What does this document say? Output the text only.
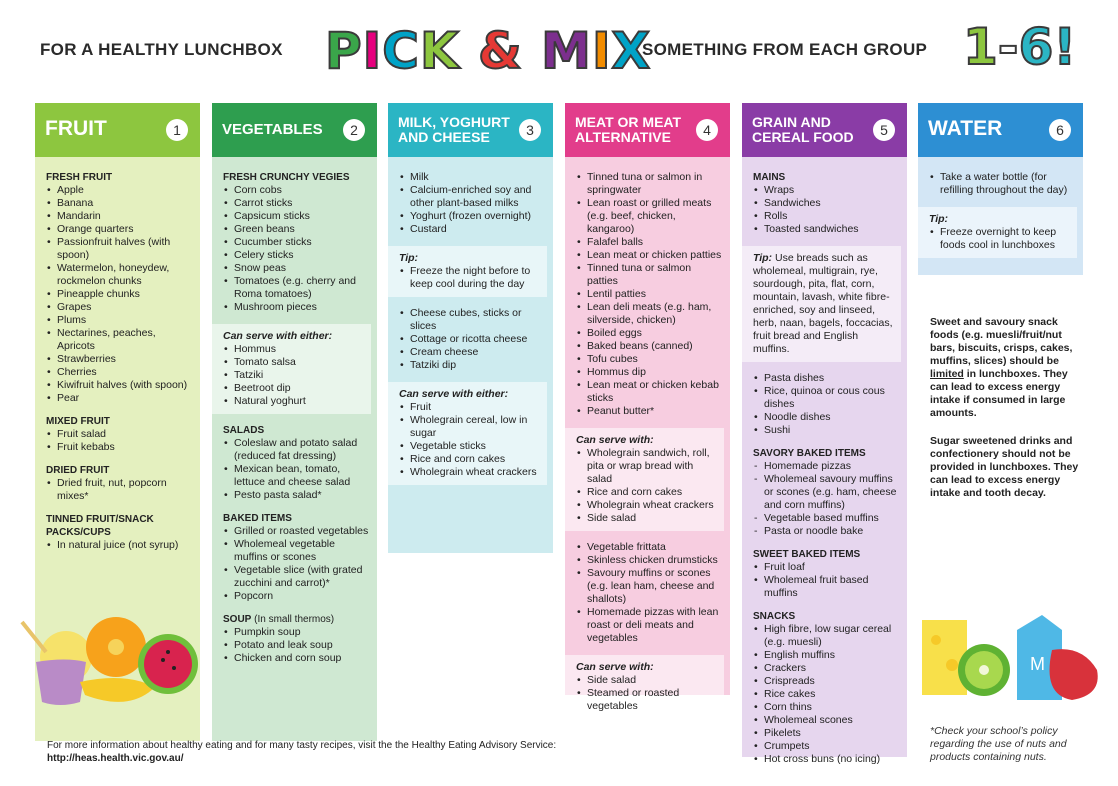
FOR A HEALTHY LUNCHBOX PICK & MIX
SOMETHING FROM EACH GROUP 1-6!
FRUIT	1
FRESH FRUIT
• Apple
• Banana
• Mandarin
• Orange quarters
• Passionfruit halves (with spoon)
• Watermelon, honeydew, rockmelon chunks
• Pineapple chunks
• Grapes
• Plums
• Nectarines, peaches, Apricots
• Strawberries
• Cherries
• Kiwifruit halves (with spoon)
• Pear
MIXED FRUIT
• Fruit salad
• Fruit kebabs
DRIED FRUIT
• Dried fruit, nut, popcorn mixes*
TINNED FRUIT/SNACK PACKS/CUPS
• In natural juice (not syrup)
VEGETABLES	2
FRESH CRUNCHY VEGIES
• Corn cobs
• Carrot sticks
• Capsicum sticks
• Green beans
• Cucumber sticks
• Celery sticks
• Snow peas
• Tomatoes (e.g. cherry and Roma tomatoes)
• Mushroom pieces
Can serve with either:
• Hommus
• Tomato salsa
• Tatziki
• Beetroot dip
• Natural yoghurt
SALADS
• Coleslaw and potato salad (reduced fat dressing)
• Mexican bean, tomato, lettuce and cheese salad
• Pesto pasta salad*
BAKED ITEMS
• Grilled or roasted vegetables
• Wholemeal vegetable muffins or scones
• Vegetable slice (with grated zucchini and carrot)*
• Popcorn
SOUP (In small thermos)
• Pumpkin soup
• Potato and leak soup
• Chicken and corn soup
MILK, YOGHURT
AND CHEESE	3
• Milk
• Calcium-enriched soy and other plant-based milks
• Yoghurt (frozen overnight)
• Custard
Tip:
• Freeze the night before to keep cool during the day
• Cheese cubes, sticks or slices
• Cottage or ricotta cheese
• Cream cheese
• Tatziki dip
Can serve with either:
• Fruit
• Wholegrain cereal, low in sugar
• Vegetable sticks
• Rice and corn cakes
• Wholegrain wheat crackers
MEAT OR MEAT
ALTERNATIVE	4
• Tinned tuna or salmon in springwater
• Lean roast or grilled meats (e.g. beef, chicken, kangaroo)
• Falafel balls
• Lean meat or chicken patties
• Tinned tuna or salmon patties
• Lentil patties
• Lean deli meats (e.g. ham, silverside, chicken)
• Boiled eggs
• Baked beans (canned)
• Tofu cubes
• Hommus dip
• Lean meat or chicken kebab sticks
• Peanut butter*
Can serve with:
• Wholegrain sandwich, roll, pita or wrap bread with salad
• Rice and corn cakes
• Wholegrain wheat crackers
• Side salad
• Vegetable frittata
• Skinless chicken drumsticks
• Savoury muffins or scones (e.g. lean ham, cheese and shallots)
• Homemade pizzas with lean roast or deli meats and vegetables
Can serve with:
• Side salad
• Steamed or roasted vegetables
GRAIN AND
CEREAL FOOD	5
MAINS
• Wraps
• Sandwiches
• Rolls
• Toasted sandwiches
Tip: Use breads such as wholemeal, multigrain, rye, sourdough, pita, flat, corn, mountain, lavash, white fibre-enriched, soy and linseed, herb, naan, bagels, foccacias, fruit bread and English muffins.
• Pasta dishes
• Rice, quinoa or cous cous dishes
• Noodle dishes
• Sushi
SAVORY BAKED ITEMS
- Homemade pizzas
- Wholemeal savoury muffins or scones (e.g. ham, cheese and corn muffins)
- Vegetable based muffins
- Pasta or noodle bake
SWEET BAKED ITEMS
• Fruit loaf
• Wholemeal fruit based muffins
SNACKS
• High fibre, low sugar cereal (e.g. muesli)
• English muffins
• Crackers
• Crispreads
• Rice cakes
• Corn thins
• Wholemeal scones
• Pikelets
• Crumpets
• Hot cross buns (no icing)
WATER	6
• Take a water bottle (for refilling throughout the day)
Tip:
• Freeze overnight to keep foods cool in lunchboxes
Sweet and savoury snack foods (e.g. muesli/fruit/nut bars, biscuits, crisps, cakes, muffins, slices) should be limited in lunchboxes. They can lead to excess energy intake if consumed in large amounts.
Sugar sweetened drinks and confectionery should not be provided in lunchboxes. They can lead to excess energy intake and tooth decay.
M
For more information about healthy eating and for many tasty recipes, visit the the Healthy Eating Advisory Service:
http://heas.health.vic.gov.au/
*Check your school’s policy regarding the use of nuts and products containing nuts.
